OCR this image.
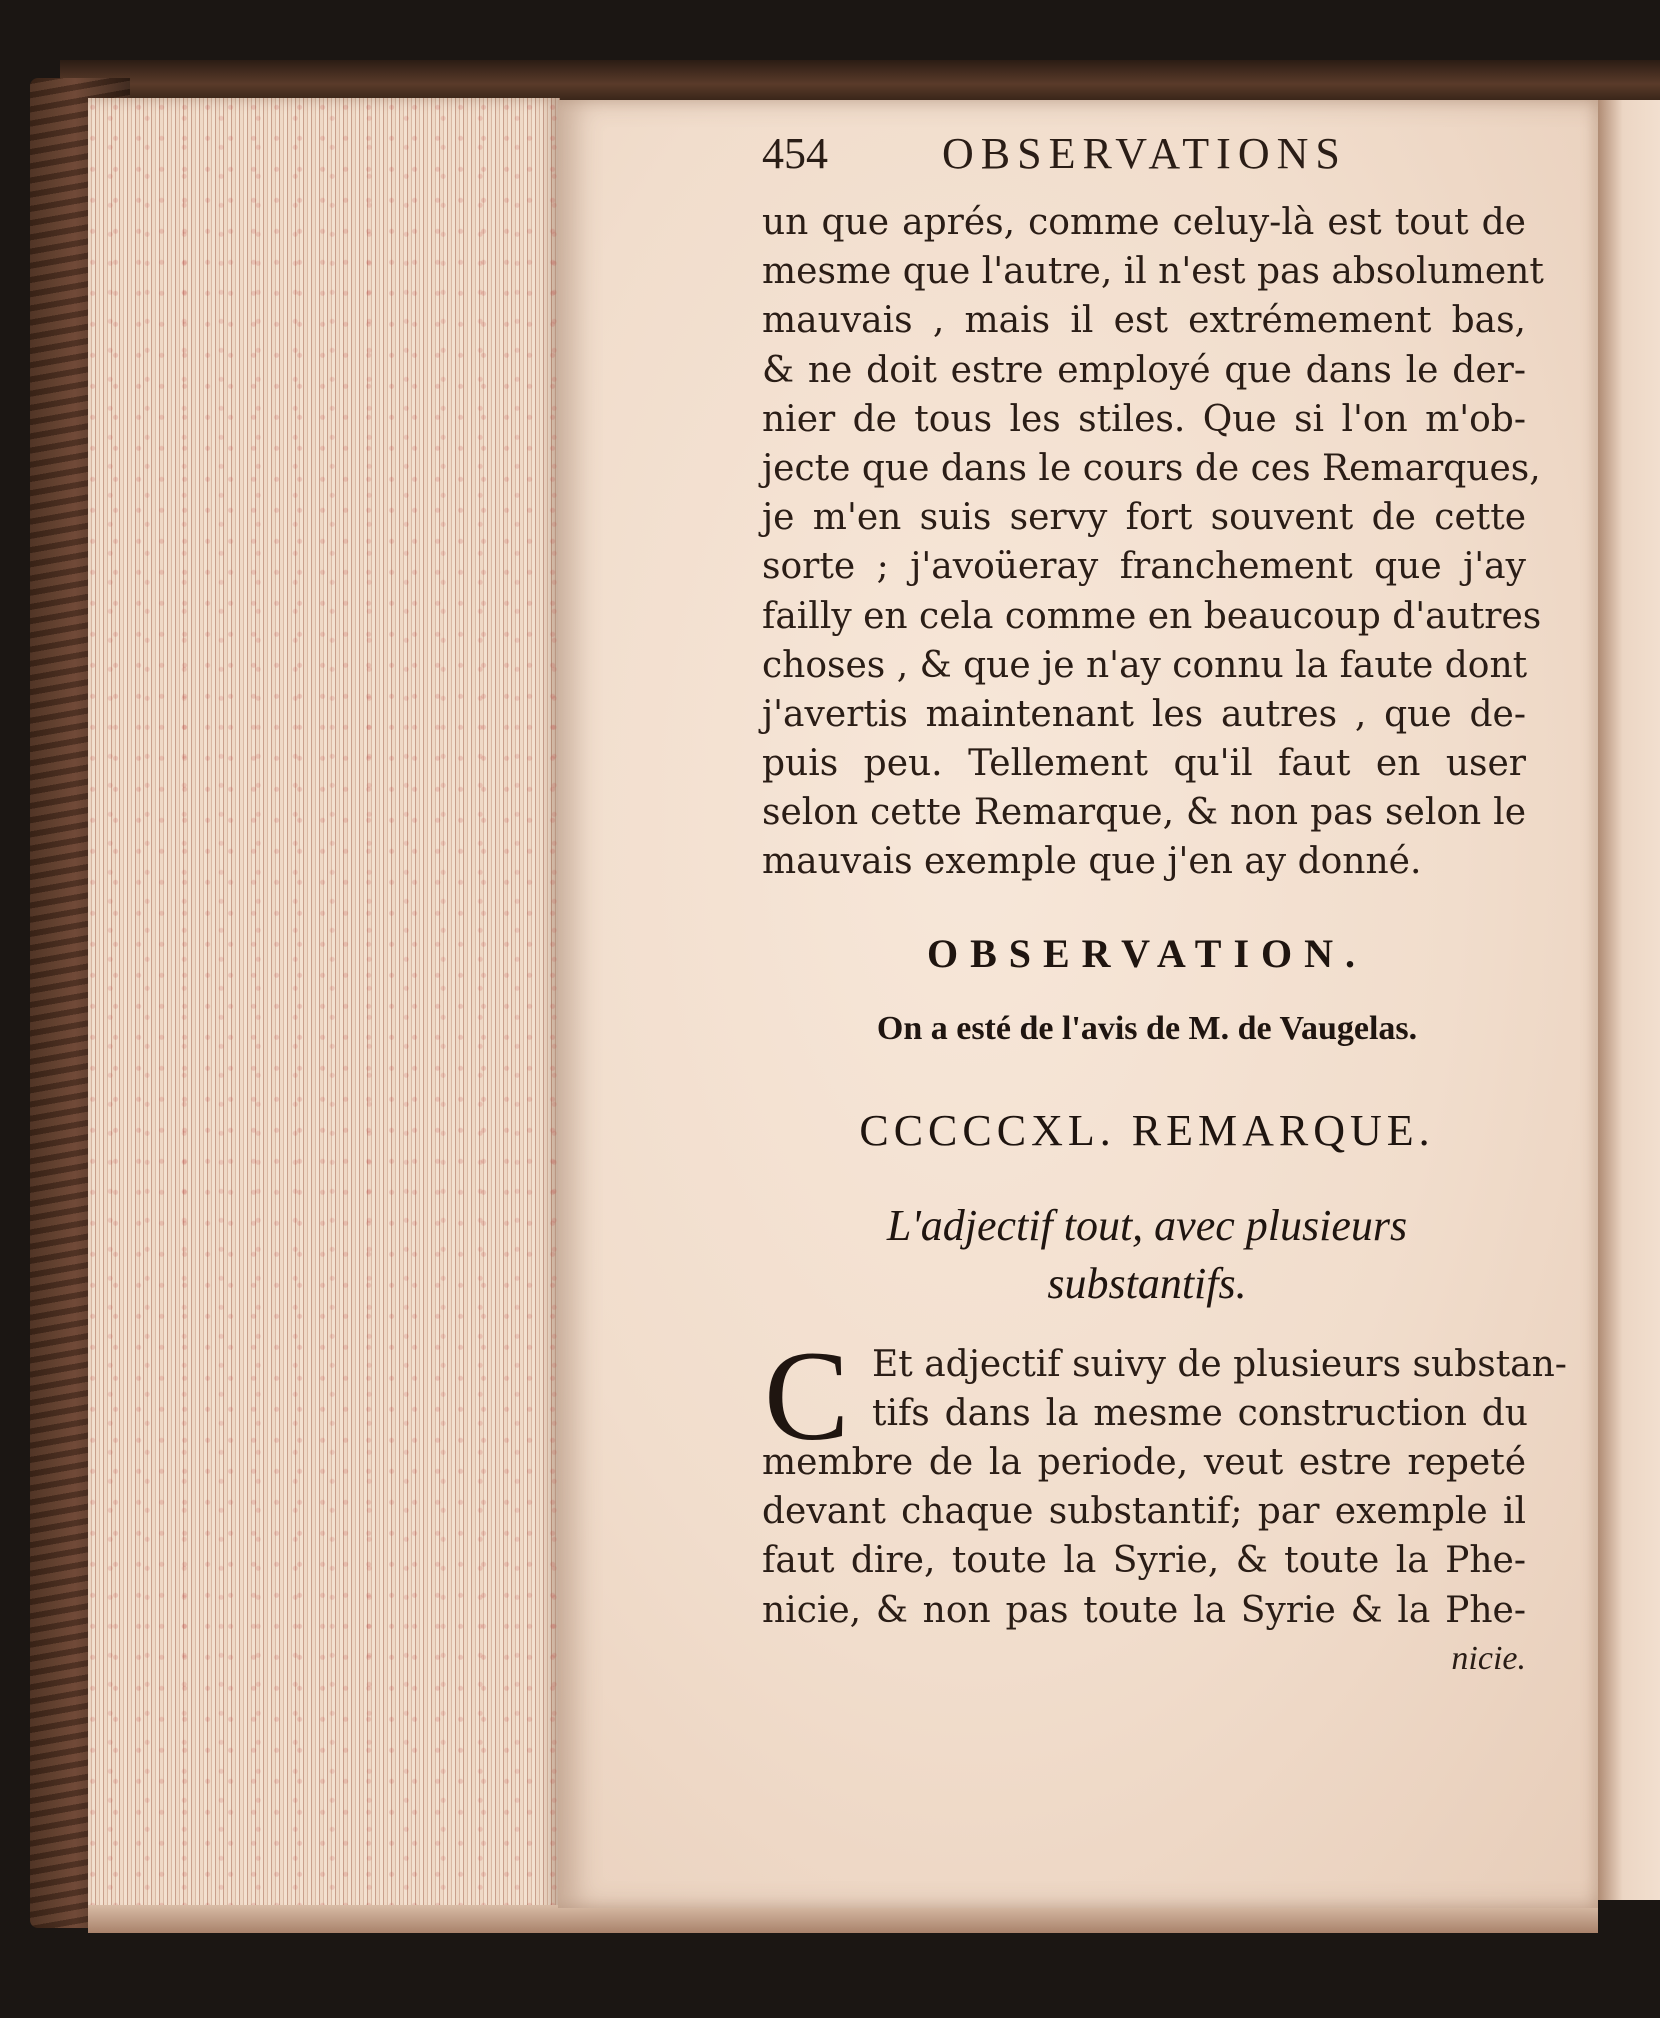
454	OBSERVATIONS
un que aprés, comme celuy-là est tout de
mesme que l'autre, il n'est pas absolument
mauvais , mais il est extrémement bas,
& ne doit estre employé que dans le der-
nier de tous les stiles. Que si l'on m'ob-
jecte que dans le cours de ces Remarques,
je m'en suis servy fort souvent de cette
sorte ; j'avoüeray franchement que j'ay
failly en cela comme en beaucoup d'autres
choses , & que je n'ay connu la faute dont
j'avertis maintenant les autres , que de-
puis peu. Tellement qu'il faut en user
selon cette Remarque, & non pas selon le
mauvais exemple que j'en ay donné.
OBSERVATION.
On a esté de l'avis de M. de Vaugelas.
CCCCCXL. REMARQUE.
L'adjectif tout, avec plusieurs
substantifs.
C Et adjectif suivy de plusieurs substan-
tifs dans la mesme construction du
membre de la periode, veut estre repeté
devant chaque substantif; par exemple il
faut dire, toute la Syrie, & toute la Phe-
nicie, & non pas toute la Syrie & la Phe-
nicie.
